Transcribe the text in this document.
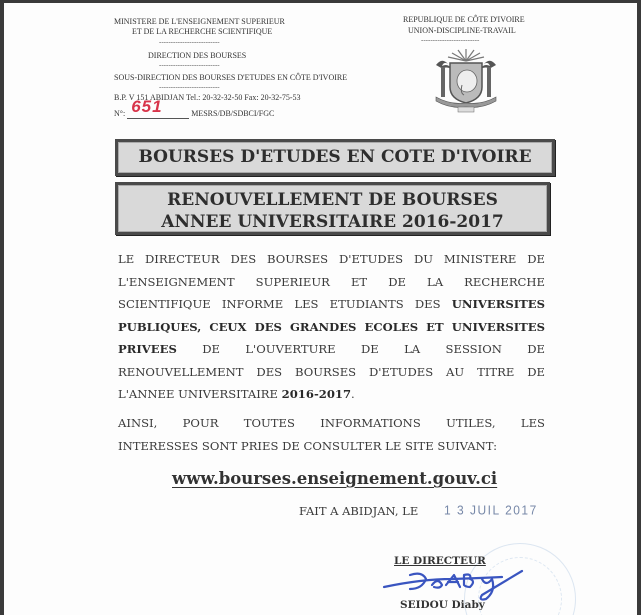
MINISTERE DE L'ENSEIGNEMENT SUPERIEUR
ET DE LA RECHERCHE SCIENTIFIQUE
--------------------------
DIRECTION DES BOURSES
--------------------------
SOUS-DIRECTION DES BOURSES D'ETUDES EN CÔTE D'IVOIRE
--------------------------
B.P. V 151 ABIDJAN Tel.: 20-32-32-50 Fax: 20-32-75-53
N°: 651	MESRS/DB/SDBCI/FGC
REPUBLIQUE DE CÔTE D'IVOIRE
UNION-DISCIPLINE-TRAVAIL
-------------------------
BOURSES D'ETUDES EN COTE D'IVOIRE
RENOUVELLEMENT DE BOURSES
ANNEE UNIVERSITAIRE 2016-2017
LE DIRECTEUR DES BOURSES D'ETUDES DU MINISTERE DE
L'ENSEIGNEMENT SUPERIEUR ET DE LA RECHERCHE
SCIENTIFIQUE INFORME LES ETUDIANTS DES UNIVERSITES
PUBLIQUES, CEUX DES GRANDES ECOLES ET UNIVERSITES
PRIVEES DE L'OUVERTURE DE LA SESSION DE
RENOUVELLEMENT DES BOURSES D'ETUDES AU TITRE DE
L'ANNEE UNIVERSITAIRE 2016-2017.
AINSI, POUR TOUTES INFORMATIONS UTILES, LES
INTERESSES SONT PRIES DE CONSULTER LE SITE SUIVANT:
www.bourses.enseignement.gouv.ci
FAIT A ABIDJAN, LE 1 3 JUIL 2017
LE DIRECTEUR
SEIDOU Diaby
